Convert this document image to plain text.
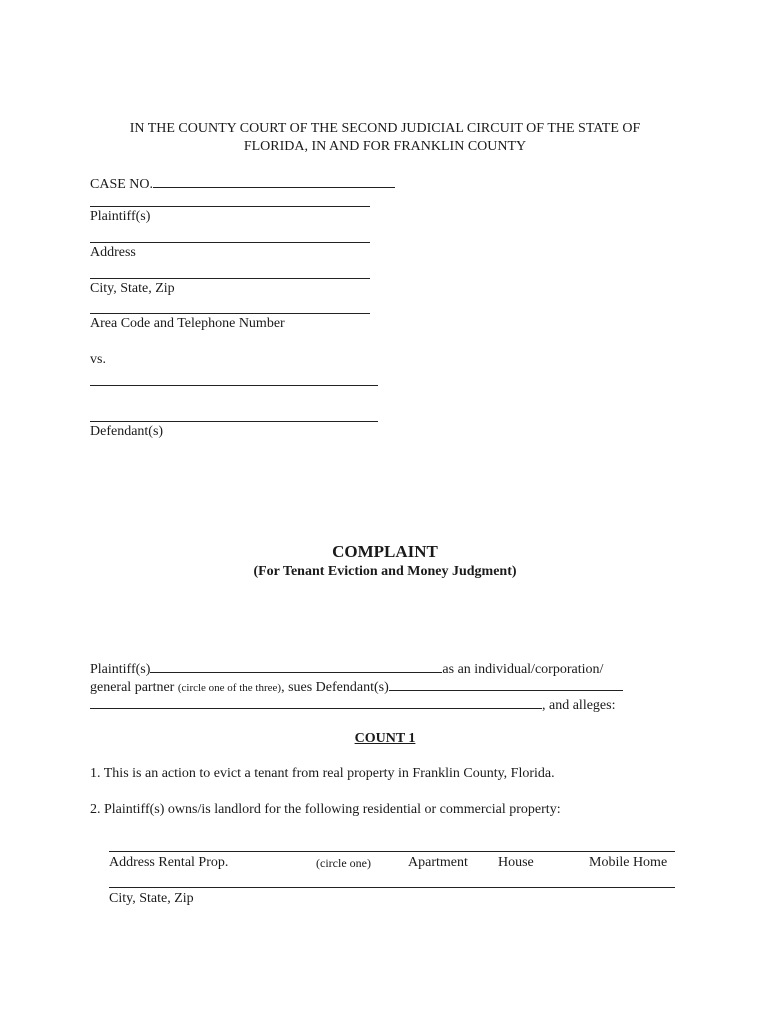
IN THE COUNTY COURT OF THE SECOND JUDICIAL CIRCUIT OF THE STATE OF
FLORIDA, IN AND FOR FRANKLIN COUNTY
CASE NO.
Plaintiff(s)
Address
City, State, Zip
Area Code and Telephone Number
vs.
Defendant(s)
COMPLAINT
(For Tenant Eviction and Money Judgment)
Plaintiff(s)	as an individual/corporation/
general partner (circle one of the three), sues Defendant(s)
, and alleges:
COUNT 1
1. This is an action to evict a tenant from real property in Franklin County, Florida.
2. Plaintiff(s) owns/is landlord for the following residential or commercial property:
Address Rental Prop.	(circle one)	Apartment House	Mobile Home
City, State, Zip
